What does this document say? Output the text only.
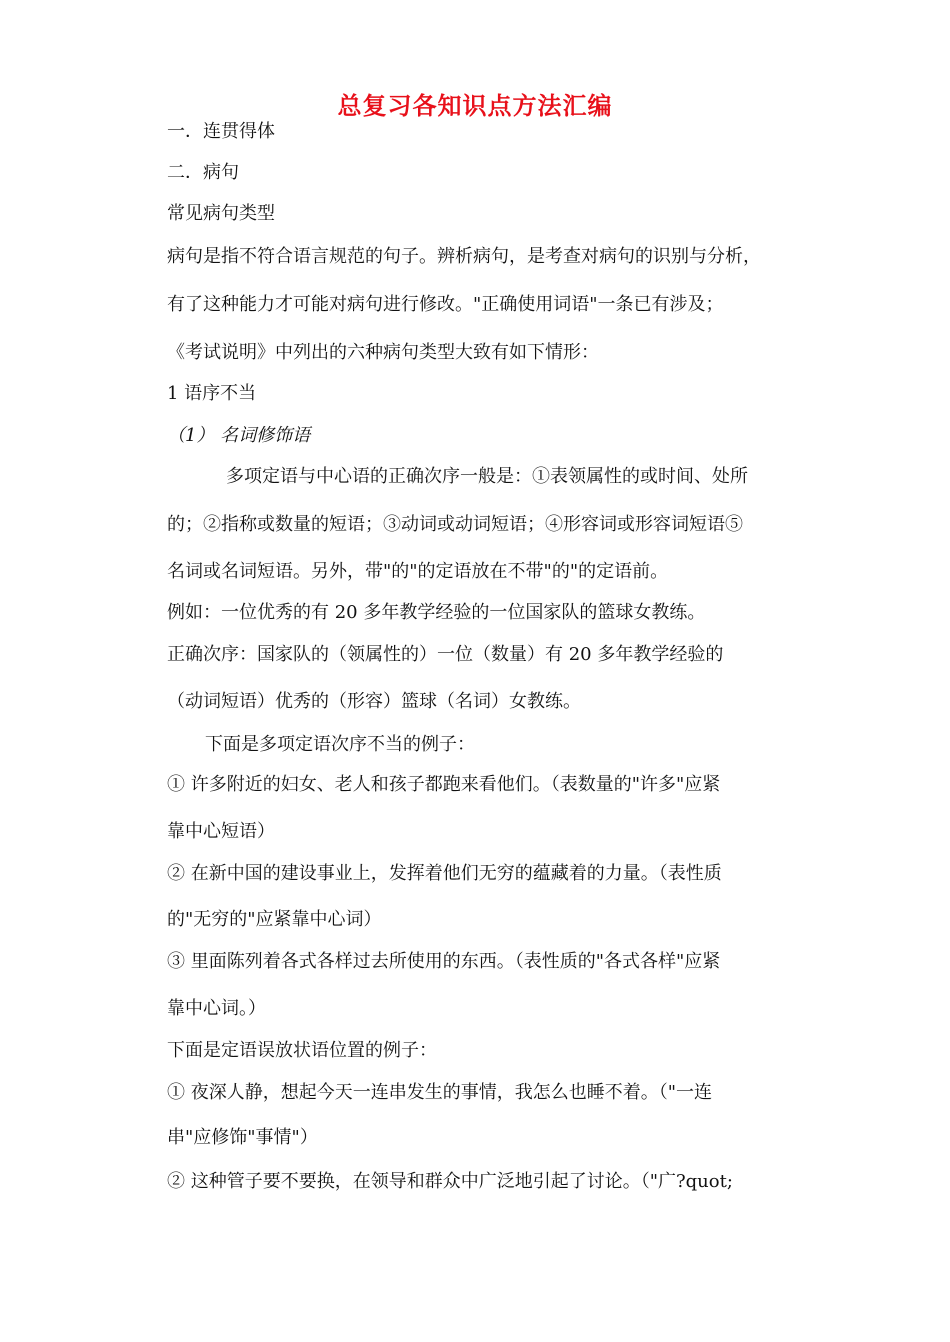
总复习各知识点方法汇编
一．连贯得体
二．病句
常见病句类型
病句是指不符合语言规范的句子。辨析病句，是考查对病句的识别与分析，
有了这种能力才可能对病句进行修改。"正确使用词语"一条已有涉及；
《考试说明》中列出的六种病句类型大致有如下情形：
1 语序不当
（1） 名词修饰语
多项定语与中心语的正确次序一般是：①表领属性的或时间、处所
的；②指称或数量的短语；③动词或动词短语；④形容词或形容词短语⑤
名词或名词短语。另外，带"的"的定语放在不带"的"的定语前。
例如：一位优秀的有 20 多年教学经验的一位国家队的篮球女教练。
正确次序：国家队的（领属性的）一位（数量）有 20 多年教学经验的
（动词短语）优秀的（形容）篮球（名词）女教练。
下面是多项定语次序不当的例子：
① 许多附近的妇女、老人和孩子都跑来看他们。（表数量的"许多"应紧
靠中心短语）
② 在新中国的建设事业上，发挥着他们无穷的蕴藏着的力量。（表性质
的"无穷的"应紧靠中心词）
③ 里面陈列着各式各样过去所使用的东西。（表性质的"各式各样"应紧
靠中心词。）
下面是定语误放状语位置的例子：
① 夜深人静，想起今天一连串发生的事情，我怎么也睡不着。（"一连
串"应修饰"事情"）
② 这种管子要不要换，在领导和群众中广泛地引起了讨论。（"广?quot;
